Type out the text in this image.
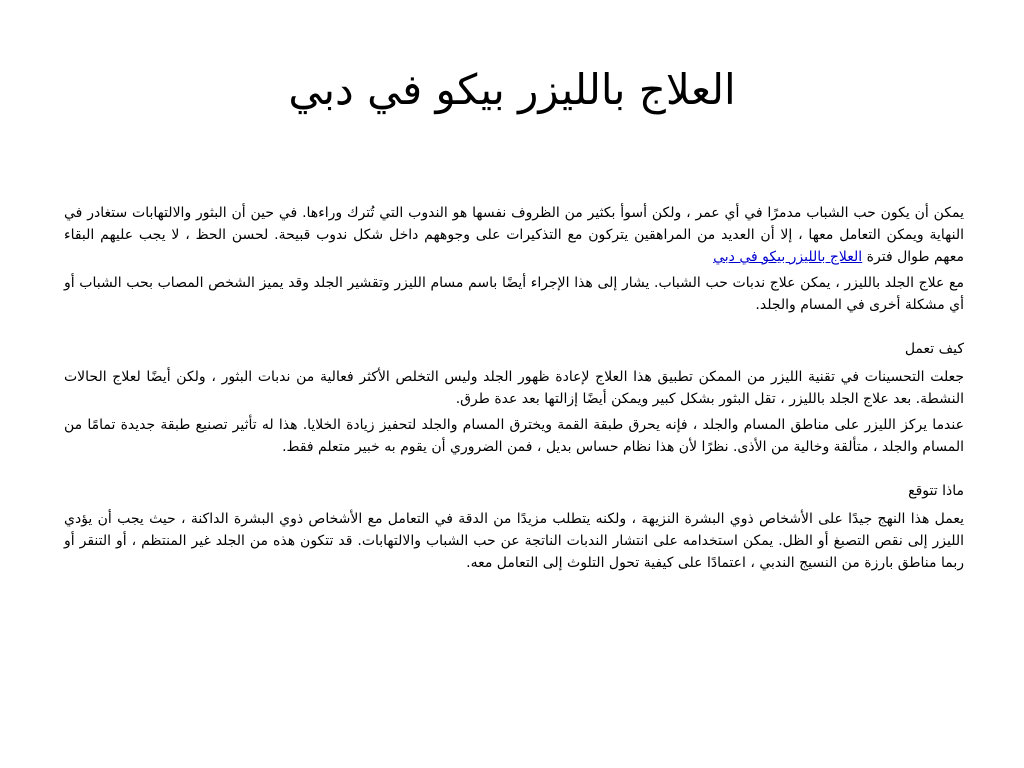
العلاج بالليزر بيكو في دبي

يمكن أن يكون حب الشباب مدمرًا في أي عمر ، ولكن أسوأ بكثير من الظروف نفسها هو الندوب التي تُترك وراءها. في حين أن البثور والالتهابات ستغادر في النهاية ويمكن التعامل معها ، إلا أن العديد من المراهقين يتركون مع التذكيرات على وجوههم داخل شكل ندوب قبيحة. لحسن الحظ ، لا يجب عليهم البقاء معهم طوال فترة العلاج بالليزر بيكو في دبي

مع علاج الجلد بالليزر ، يمكن علاج ندبات حب الشباب. يشار إلى هذا الإجراء أيضًا باسم مسام الليزر وتقشير الجلد وقد يميز الشخص المصاب بحب الشباب أو أي مشكلة أخرى في المسام والجلد.

كيف تعمل

جعلت التحسينات في تقنية الليزر من الممكن تطبيق هذا العلاج لإعادة ظهور الجلد وليس التخلص الأكثر فعالية من ندبات البثور ، ولكن أيضًا لعلاج الحالات النشطة. بعد علاج الجلد بالليزر ، تقل البثور بشكل كبير ويمكن أيضًا إزالتها بعد عدة طرق.

عندما يركز الليزر على مناطق المسام والجلد ، فإنه يحرق طبقة القمة ويخترق المسام والجلد لتحفيز زيادة الخلايا. هذا له تأثير تصنيع طبقة جديدة تمامًا من المسام والجلد ، متألقة وخالية من الأذى. نظرًا لأن هذا نظام حساس بديل ، فمن الضروري أن يقوم به خبير متعلم فقط.

ماذا تتوقع

يعمل هذا النهج جيدًا على الأشخاص ذوي البشرة النزيهة ، ولكنه يتطلب مزيدًا من الدقة في التعامل مع الأشخاص ذوي البشرة الداكنة ، حيث يجب أن يؤدي الليزر إلى نقص التصبغ أو الظل. يمكن استخدامه على انتشار الندبات الناتجة عن حب الشباب والالتهابات. قد تتكون هذه من الجلد غير المنتظم ، أو التنقر أو ربما مناطق بارزة من النسيج الندبي ، اعتمادًا على كيفية تحول التلوث إلى التعامل معه.
